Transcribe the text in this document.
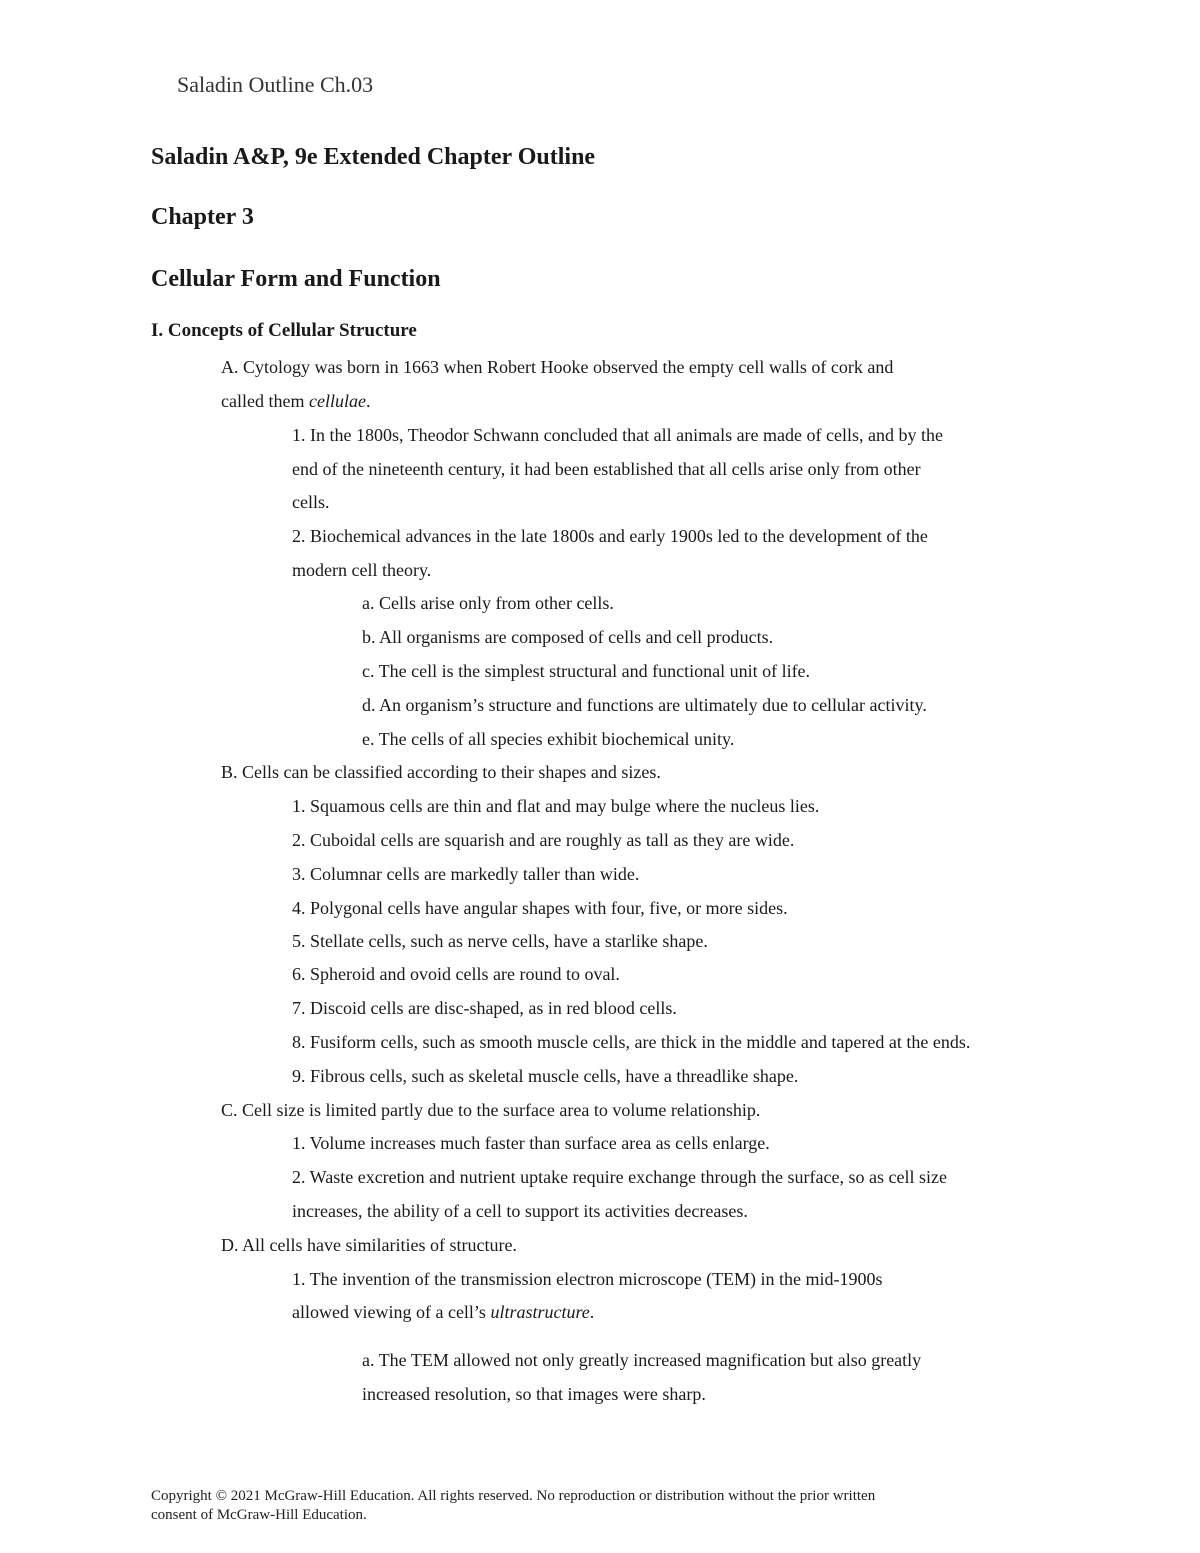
Saladin Outline Ch.03
Saladin A&P, 9e Extended Chapter Outline
Chapter 3
Cellular Form and Function
I. Concepts of Cellular Structure
A. Cytology was born in 1663 when Robert Hooke observed the empty cell walls of cork and
called them cellulae.
1. In the 1800s, Theodor Schwann concluded that all animals are made of cells, and by the
end of the nineteenth century, it had been established that all cells arise only from other
cells.
2. Biochemical advances in the late 1800s and early 1900s led to the development of the
modern cell theory.
a. Cells arise only from other cells.
b. All organisms are composed of cells and cell products.
c. The cell is the simplest structural and functional unit of life.
d. An organism’s structure and functions are ultimately due to cellular activity.
e. The cells of all species exhibit biochemical unity.
B. Cells can be classified according to their shapes and sizes.
1. Squamous cells are thin and flat and may bulge where the nucleus lies.
2. Cuboidal cells are squarish and are roughly as tall as they are wide.
3. Columnar cells are markedly taller than wide.
4. Polygonal cells have angular shapes with four, five, or more sides.
5. Stellate cells, such as nerve cells, have a starlike shape.
6. Spheroid and ovoid cells are round to oval.
7. Discoid cells are disc-shaped, as in red blood cells.
8. Fusiform cells, such as smooth muscle cells, are thick in the middle and tapered at the ends.
9. Fibrous cells, such as skeletal muscle cells, have a threadlike shape.
C. Cell size is limited partly due to the surface area to volume relationship.
1. Volume increases much faster than surface area as cells enlarge.
2. Waste excretion and nutrient uptake require exchange through the surface, so as cell size
increases, the ability of a cell to support its activities decreases.
D. All cells have similarities of structure.
1. The invention of the transmission electron microscope (TEM) in the mid-1900s
allowed viewing of a cell’s ultrastructure.
a. The TEM allowed not only greatly increased magnification but also greatly
increased resolution, so that images were sharp.
Copyright © 2021 McGraw-Hill Education. All rights reserved. No reproduction or distribution without the prior written
consent of McGraw-Hill Education.
